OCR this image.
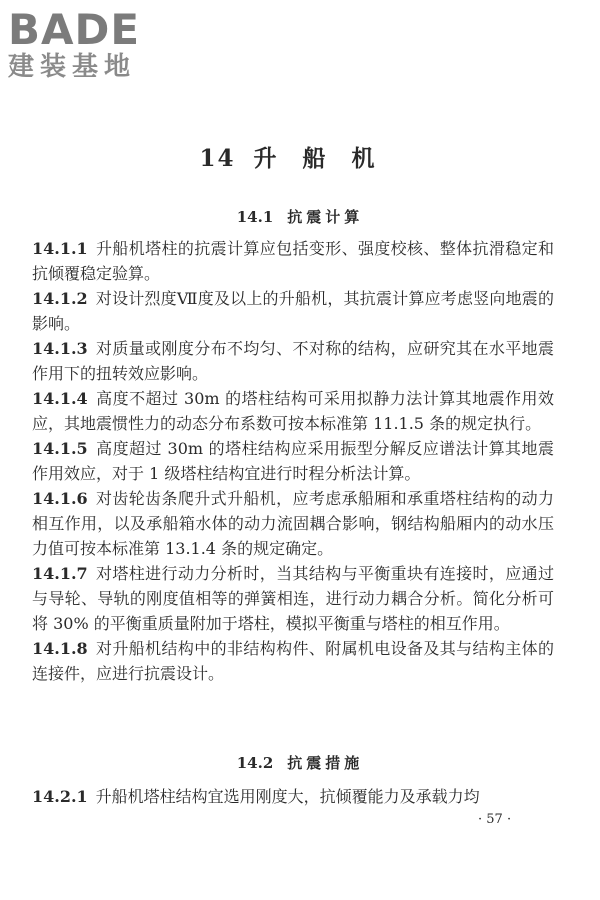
BADE
建装基地
14 升船机
14.1 抗震计算

14.1.1 升船机塔柱的抗震计算应包括变形、强度校核、整体抗滑稳定和抗倾覆稳定验算。

14.1.2 对设计烈度Ⅶ度及以上的升船机，其抗震计算应考虑竖向地震的影响。

14.1.3 对质量或刚度分布不均匀、不对称的结构，应研究其在水平地震作用下的扭转效应影响。

14.1.4 高度不超过 30m 的塔柱结构可采用拟静力法计算其地震作用效应，其地震惯性力的动态分布系数可按本标准第 11.1.5 条的规定执行。

14.1.5 高度超过 30m 的塔柱结构应采用振型分解反应谱法计算其地震作用效应，对于 1 级塔柱结构宜进行时程分析法计算。

14.1.6 对齿轮齿条爬升式升船机，应考虑承船厢和承重塔柱结构的动力相互作用，以及承船箱水体的动力流固耦合影响，钢结构船厢内的动水压力值可按本标准第 13.1.4 条的规定确定。

14.1.7 对塔柱进行动力分析时，当其结构与平衡重块有连接时，应通过与导轮、导轨的刚度值相等的弹簧相连，进行动力耦合分析。简化分析可将 30% 的平衡重质量附加于塔柱，模拟平衡重与塔柱的相互作用。

14.1.8 对升船机结构中的非结构构件、附属机电设备及其与结构主体的连接件，应进行抗震设计。

14.2 抗震措施

14.2.1 升船机塔柱结构宜选用刚度大，抗倾覆能力及承载力均

· 57 ·
